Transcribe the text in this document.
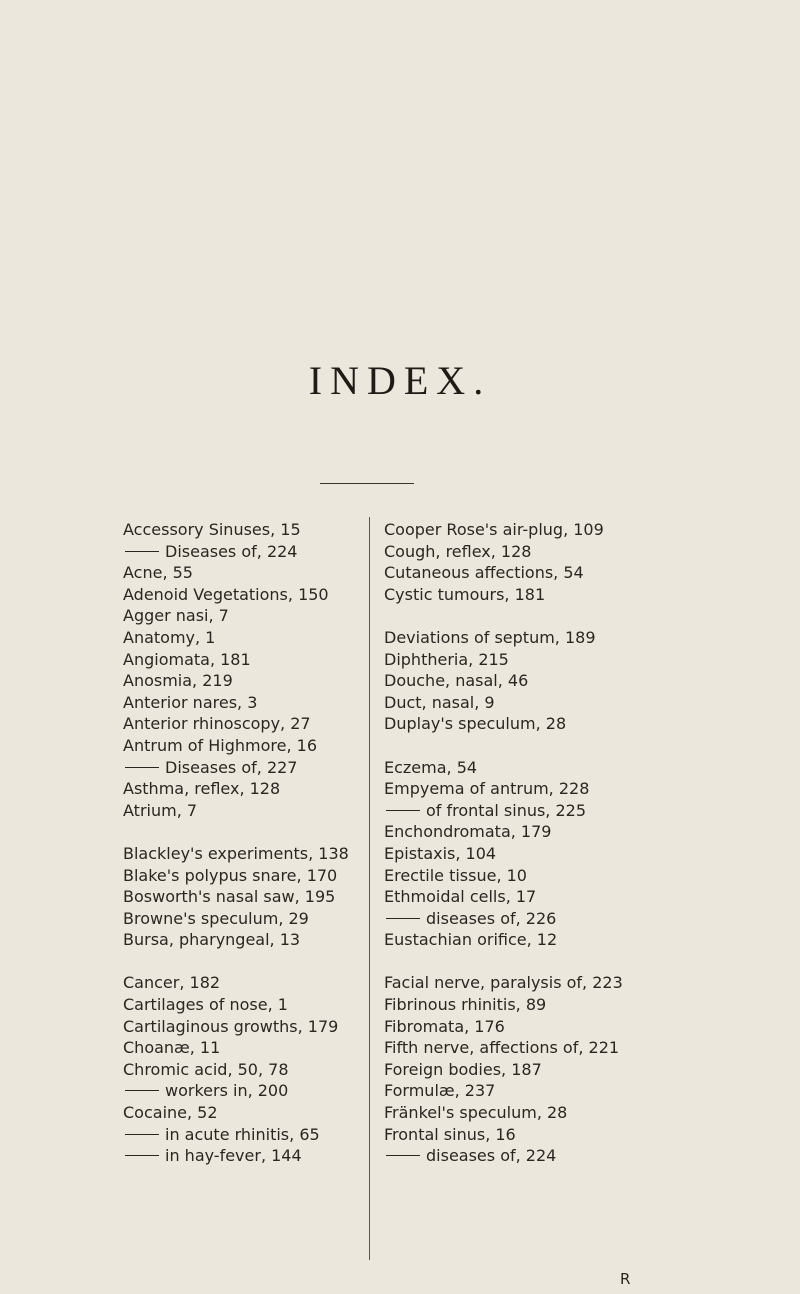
INDEX.
Accessory Sinuses, 15
Diseases of, 224
Acne, 55
Adenoid Vegetations, 150
Agger nasi, 7
Anatomy, 1
Angiomata, 181
Anosmia, 219
Anterior nares, 3
Anterior rhinoscopy, 27
Antrum of Highmore, 16
Diseases of, 227
Asthma, reflex, 128
Atrium, 7
Blackley's experiments, 138
Blake's polypus snare, 170
Bosworth's nasal saw, 195
Browne's speculum, 29
Bursa, pharyngeal, 13
Cancer, 182
Cartilages of nose, 1
Cartilaginous growths, 179
Choanæ, 11
Chromic acid, 50, 78
workers in, 200
Cocaine, 52
in acute rhinitis, 65
in hay-fever, 144
Cooper Rose's air-plug, 109
Cough, reflex, 128
Cutaneous affections, 54
Cystic tumours, 181
Deviations of septum, 189
Diphtheria, 215
Douche, nasal, 46
Duct, nasal, 9
Duplay's speculum, 28
Eczema, 54
Empyema of antrum, 228
of frontal sinus, 225
Enchondromata, 179
Epistaxis, 104
Erectile tissue, 10
Ethmoidal cells, 17
diseases of, 226
Eustachian orifice, 12
Facial nerve, paralysis of, 223
Fibrinous rhinitis, 89
Fibromata, 176
Fifth nerve, affections of, 221
Foreign bodies, 187
Formulæ, 237
Fränkel's speculum, 28
Frontal sinus, 16
diseases of, 224
R
